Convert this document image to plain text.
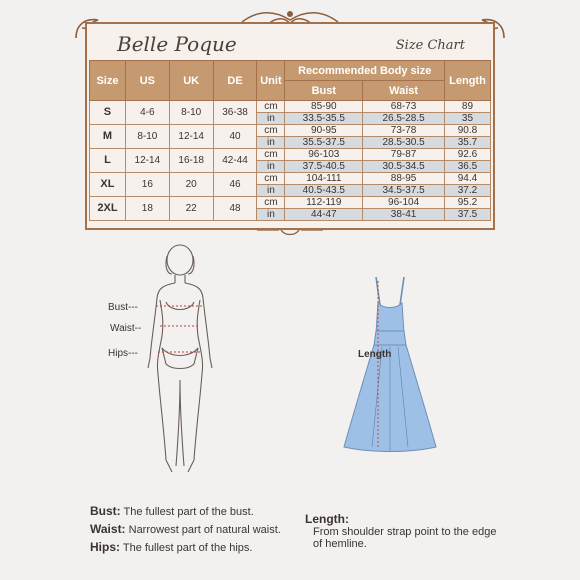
Belle Poque	Size Chart
Size	US	UK	DE	Unit	Recommended Body size		Length
					Bust	Waist	
S	4-6	8-10	36-38	cm	85-90	68-73	89
				in	33.5-35.5	26.5-28.5	35
M	8-10	12-14	40	cm	90-95	73-78	90.8
				in	35.5-37.5	28.5-30.5	35.7
L	12-14	16-18	42-44	cm	96-103	79-87	92.6
				in	37.5-40.5	30.5-34.5	36.5
XL	16	20	46	cm	104-111	88-95	94.4
				in	40.5-43.5	34.5-37.5	37.2
2XL	18	22	48	cm	112-119	96-104	95.2
				in	44-47	38-41	37.5
Bust---
Waist--
Hips---	Length
Bust: The fullest part of the bust.
Waist: Narrowest part of natural waist.
Hips: The fullest part of the hips.
Length:
From shoulder strap point to the edge of hemline.
